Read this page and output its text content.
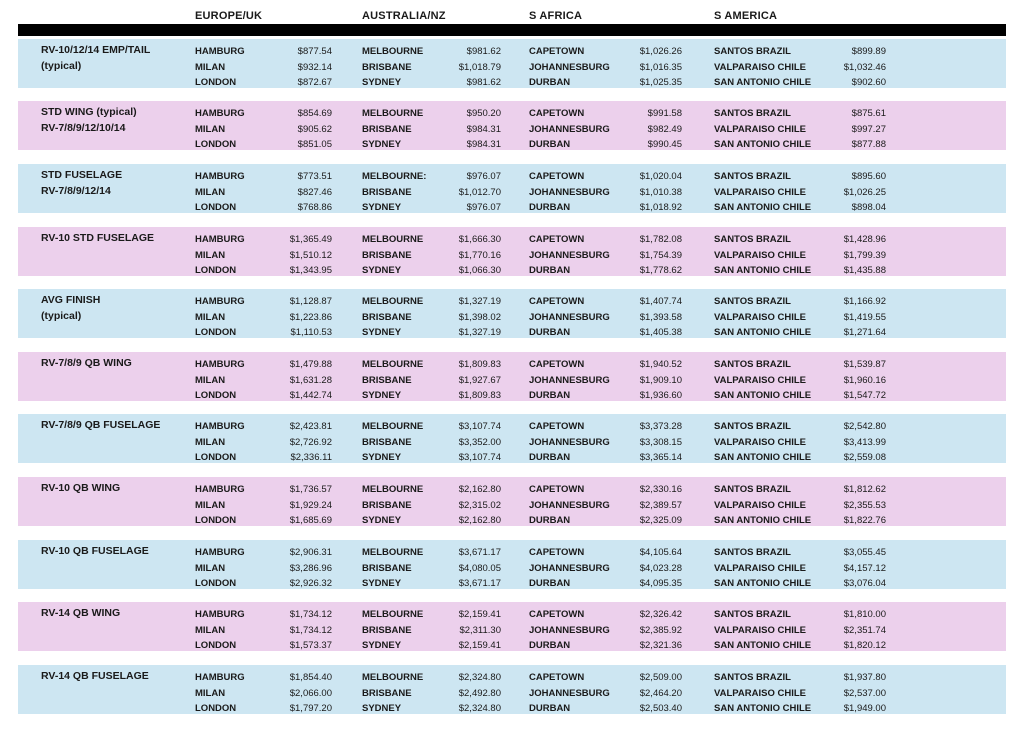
EUROPE/UK	AUSTRALIA/NZ	S AFRICA	S AMERICA
RV-10/12/14 EMP/TAIL
(typical)
HAMBURG	$877.54	MELBOURNE	$981.62	CAPETOWN	$1,026.26	SANTOS BRAZIL	$899.89
MILAN	$932.14	BRISBANE	$1,018.79	JOHANNESBURG	$1,016.35	VALPARAISO CHILE	$1,032.46
LONDON	$872.67	SYDNEY	$981.62	DURBAN	$1,025.35	SAN ANTONIO CHILE	$902.60
STD WING (typical)
RV-7/8/9/12/10/14
HAMBURG	$854.69	MELBOURNE	$950.20	CAPETOWN	$991.58	SANTOS BRAZIL	$875.61
MILAN	$905.62	BRISBANE	$984.31	JOHANNESBURG	$982.49	VALPARAISO CHILE	$997.27
LONDON	$851.05	SYDNEY	$984.31	DURBAN	$990.45	SAN ANTONIO CHILE	$877.88
STD FUSELAGE
RV-7/8/9/12/14
HAMBURG	$773.51	MELBOURNE:	$976.07	CAPETOWN	$1,020.04	SANTOS BRAZIL	$895.60
MILAN	$827.46	BRISBANE	$1,012.70	JOHANNESBURG	$1,010.38	VALPARAISO CHILE	$1,026.25
LONDON	$768.86	SYDNEY	$976.07	DURBAN	$1,018.92	SAN ANTONIO CHILE	$898.04
RV-10 STD FUSELAGE	HAMBURG	$1,365.49	MELBOURNE	$1,666.30	CAPETOWN	$1,782.08	SANTOS BRAZIL	$1,428.96
MILAN	$1,510.12	BRISBANE	$1,770.16	JOHANNESBURG	$1,754.39	VALPARAISO CHILE	$1,799.39
LONDON	$1,343.95	SYDNEY	$1,066.30	DURBAN	$1,778.62	SAN ANTONIO CHILE	$1,435.88
AVG FINISH
(typical)
HAMBURG	$1,128.87	MELBOURNE	$1,327.19	CAPETOWN	$1,407.74	SANTOS BRAZIL	$1,166.92
MILAN	$1,223.86	BRISBANE	$1,398.02	JOHANNESBURG	$1,393.58	VALPARAISO CHILE	$1,419.55
LONDON	$1,110.53	SYDNEY	$1,327.19	DURBAN	$1,405.38	SAN ANTONIO CHILE	$1,271.64
RV-7/8/9 QB WING	HAMBURG	$1,479.88	MELBOURNE	$1,809.83	CAPETOWN	$1,940.52	SANTOS BRAZIL	$1,539.87
MILAN	$1,631.28	BRISBANE	$1,927.67	JOHANNESBURG	$1,909.10	VALPARAISO CHILE	$1,960.16
LONDON	$1,442.74	SYDNEY	$1,809.83	DURBAN	$1,936.60	SAN ANTONIO CHILE	$1,547.72
RV-7/8/9 QB FUSELAGE	HAMBURG	$2,423.81	MELBOURNE	$3,107.74	CAPETOWN	$3,373.28	SANTOS BRAZIL	$2,542.80
MILAN	$2,726.92	BRISBANE	$3,352.00	JOHANNESBURG	$3,308.15	VALPARAISO CHILE	$3,413.99
LONDON	$2,336.11	SYDNEY	$3,107.74	DURBAN	$3,365.14	SAN ANTONIO CHILE	$2,559.08
RV-10 QB WING	HAMBURG	$1,736.57	MELBOURNE	$2,162.80	CAPETOWN	$2,330.16	SANTOS BRAZIL	$1,812.62
MILAN	$1,929.24	BRISBANE	$2,315.02	JOHANNESBURG	$2,389.57	VALPARAISO CHILE	$2,355.53
LONDON	$1,685.69	SYDNEY	$2,162.80	DURBAN	$2,325.09	SAN ANTONIO CHILE	$1,822.76
RV-10 QB FUSELAGE	HAMBURG	$2,906.31	MELBOURNE	$3,671.17	CAPETOWN	$4,105.64	SANTOS BRAZIL	$3,055.45
MILAN	$3,286.96	BRISBANE	$4,080.05	JOHANNESBURG	$4,023.28	VALPARAISO CHILE	$4,157.12
LONDON	$2,926.32	SYDNEY	$3,671.17	DURBAN	$4,095.35	SAN ANTONIO CHILE	$3,076.04
RV-14 QB WING	HAMBURG	$1,734.12	MELBOURNE	$2,159.41	CAPETOWN	$2,326.42	SANTOS BRAZIL	$1,810.00
MILAN	$1,734.12	BRISBANE	$2,311.30	JOHANNESBURG	$2,385.92	VALPARAISO CHILE	$2,351.74
LONDON	$1,573.37	SYDNEY	$2,159.41	DURBAN	$2,321.36	SAN ANTONIO CHILE	$1,820.12
RV-14 QB FUSELAGE	HAMBURG	$1,854.40	MELBOURNE	$2,324.80	CAPETOWN	$2,509.00	SANTOS BRAZIL	$1,937.80
MILAN	$2,066.00	BRISBANE	$2,492.80	JOHANNESBURG	$2,464.20	VALPARAISO CHILE	$2,537.00
LONDON	$1,797.20	SYDNEY	$2,324.80	DURBAN	$2,503.40	SAN ANTONIO CHILE	$1,949.00
